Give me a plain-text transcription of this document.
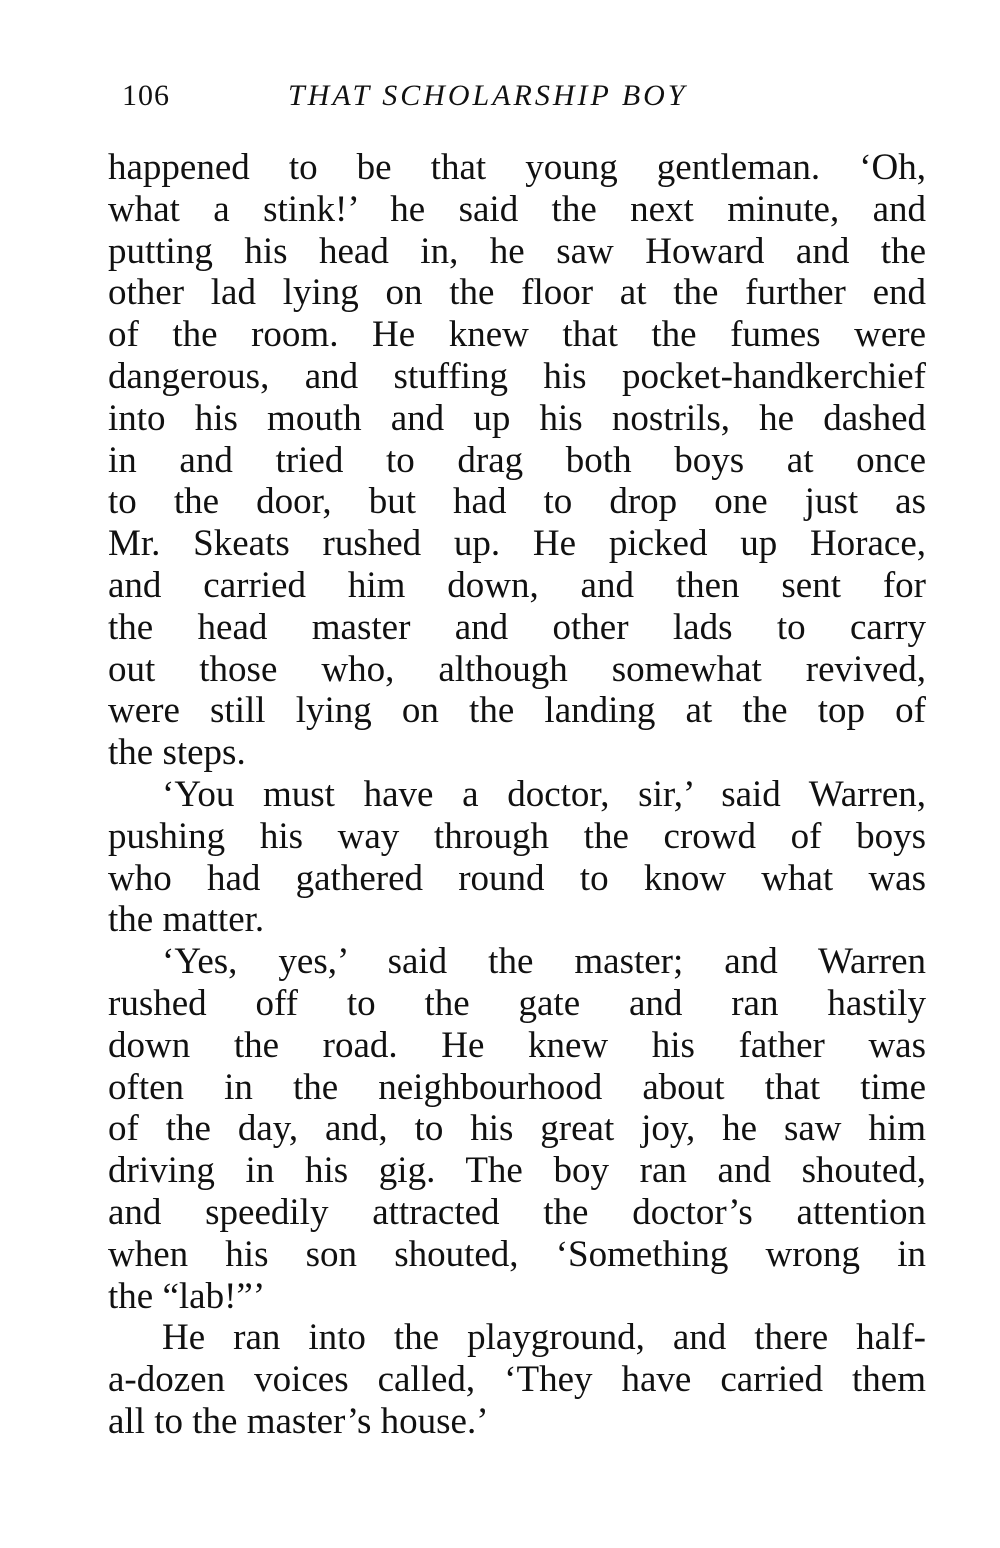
106	THAT SCHOLARSHIP BOY
happened to be that young gentleman. ‘Oh,
what a stink!’ he said the next minute, and
putting his head in, he saw Howard and the
other lad lying on the floor at the further end
of the room. He knew that the fumes were
dangerous, and stuffing his pocket-handkerchief
into his mouth and up his nostrils, he dashed
in and tried to drag both boys at once
to the door, but had to drop one just as
Mr. Skeats rushed up. He picked up Horace,
and carried him down, and then sent for
the head master and other lads to carry
out those who, although somewhat revived,
were still lying on the landing at the top of
the steps.
‘You must have a doctor, sir,’ said Warren,
pushing his way through the crowd of boys
who had gathered round to know what was
the matter.
‘Yes, yes,’ said the master; and Warren
rushed off to the gate and ran hastily
down the road. He knew his father was
often in the neighbourhood about that time
of the day, and, to his great joy, he saw him
driving in his gig. The boy ran and shouted,
and speedily attracted the doctor’s attention
when his son shouted, ‘Something wrong in
the “lab!”’
He ran into the playground, and there half-
a-dozen voices called, ‘They have carried them
all to the master’s house.’
